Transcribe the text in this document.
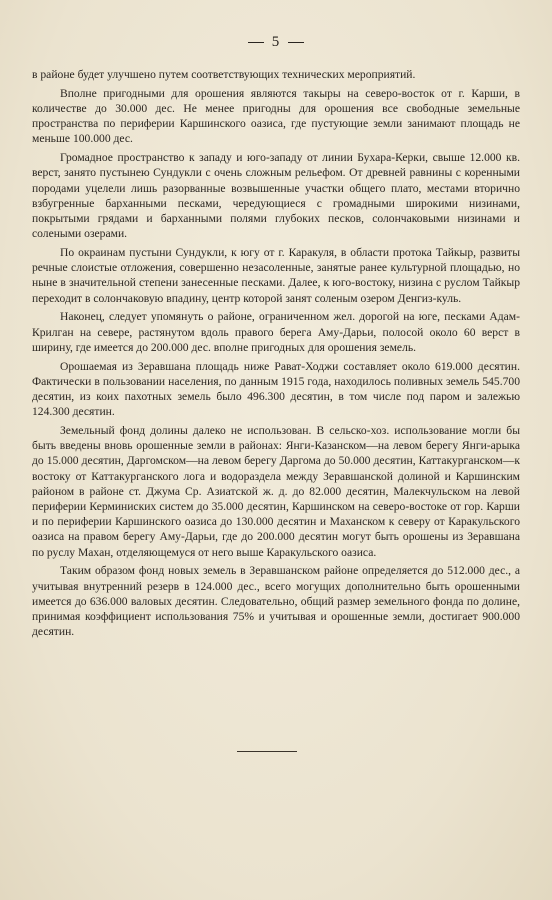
5

в районе будет улучшено путем соответствующих технических мероприятий.

Вполне пригодными для орошения являются такыры на северо-восток от г. Карши, в количестве до 30.000 дес. Не менее пригодны для орошения все свободные земельные пространства по периферии Каршинского оазиса, где пустующие земли занимают площадь не меньше 100.000 дес.

Громадное пространство к западу и юго-западу от линии Бухара-Керки, свыше 12.000 кв. верст, занято пустынею Сундукли с очень сложным рельефом. От древней равнины с коренными породами уцелели лишь разорванные возвышенные участки общего плато, местами вторично взбугренные барханными песками, чередующиеся с громадными широкими низинами, покрытыми грядами и барханными полями глубоких песков, солончаковыми низинами и солеными озерами.

По окраинам пустыни Сундукли, к югу от г. Каракуля, в области протока Тайкыр, развиты речные слоистые отложения, совершенно незасоленные, занятые ранее культурной площадью, но ныне в значительной степени занесенные песками. Далее, к юго-востоку, низина с руслом Тайкыр переходит в солончаковую впадину, центр которой занят соленым озером Денгиз-куль.

Наконец, следует упомянуть о районе, ограниченном жел. дорогой на юге, песками Адам-Крилган на севере, растянутом вдоль правого берега Аму-Дарьи, полосой около 60 верст в ширину, где имеется до 200.000 дес. вполне пригодных для орошения земель.

Орошаемая из Зеравшана площадь ниже Рават-Ходжи составляет около 619.000 десятин. Фактически в пользовании населения, по данным 1915 года, находилось поливных земель 545.700 десятин, из коих пахотных земель было 496.300 десятин, в том числе под паром и залежью 124.300 десятин.

Земельный фонд долины далеко не использован. В сельско-хоз. использование могли бы быть введены вновь орошенные земли в районах: Янги-Казанском—на левом берегу Янги-арыка до 15.000 десятин, Даргомском—на левом берегу Даргома до 50.000 десятин, Каттакурганском—к востоку от Каттакурганского лога и водораздела между Зеравшанской долиной и Каршинским районом в районе ст. Джума Ср. Азиатской ж. д. до 82.000 десятин, Малекчульском на левой периферии Керминиских систем до 35.000 десятин, Каршинском на северо-востоке от гор. Карши и по периферии Каршинского оазиса до 130.000 десятин и Маханском к северу от Каракульского оазиса на правом берегу Аму-Дарьи, где до 200.000 десятин могут быть орошены из Зеравшана по руслу Махан, отделяющемуся от него выше Каракульского оазиса.

Таким образом фонд новых земель в Зеравшанском районе определяется до 512.000 дес., а учитывая внутренний резерв в 124.000 дес., всего могущих дополнительно быть орошенными имеется до 636.000 валовых десятин. Следовательно, общий размер земельного фонда по долине, принимая коэффициент использования 75% и учитывая и орошенные земли, достигает 900.000 десятин.
